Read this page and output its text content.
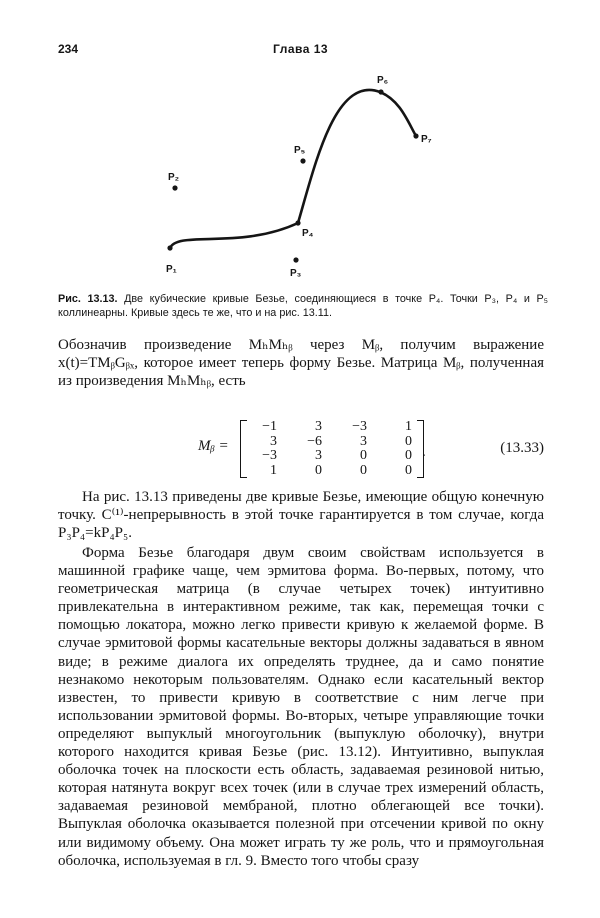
234	Глава 13
P₁
P₂
P₃
P₄
P₅
P₆
P₇
Рис. 13.13. Две кубические кривые Безье, соединяющиеся в точке P₄. Точки P₃, P₄ и P₅ коллинеарны. Кривые здесь те же, что и на рис. 13.11.
Обозначив произведение MₕMₕᵦ через Mᵦ, получим выражение x(t)=TMᵦGᵦₓ, которое имеет теперь форму Безье. Матрица Mᵦ, полученная из произведения MₕMₕᵦ, есть
Mᵦ =
−1	3	−3	1
3	−6	3	0
−3	3	0	0
1	0	0	0
.	(13.33)
На рис. 13.13 приведены две кривые Безье, имеющие общую конечную точку. C⁽¹⁾-непрерывность в этой точке гарантируется в том случае, когда P₃P₄=kP₄P₅.
Форма Безье благодаря двум своим свойствам используется в машинной графике чаще, чем эрмитова форма. Во-первых, потому, что геометрическая матрица (в случае четырех точек) интуитивно привлекательна в интерактивном режиме, так как, перемещая точки с помощью локатора, можно легко привести кривую к желаемой форме. В случае эрмитовой формы касательные векторы должны задаваться в явном виде; в режиме диалога их определять труднее, да и само понятие незнакомо некоторым пользователям. Однако если касательный вектор известен, то привести кривую в соответствие с ним легче при использовании эрмитовой формы. Во-вторых, четыре управляющие точки определяют выпуклый многоугольник (выпуклую оболочку), внутри которого находится кривая Безье (рис. 13.12). Интуитивно, выпуклая оболочка точек на плоскости есть область, задаваемая резиновой нитью, которая натянута вокруг всех точек (или в случае трех измерений область, задаваемая резиновой мембраной, плотно облегающей все точки). Выпуклая оболочка оказывается полезной при отсечении кривой по окну или видимому объему. Она может играть ту же роль, что и прямоугольная оболочка, используемая в гл. 9. Вместо того чтобы сразу
